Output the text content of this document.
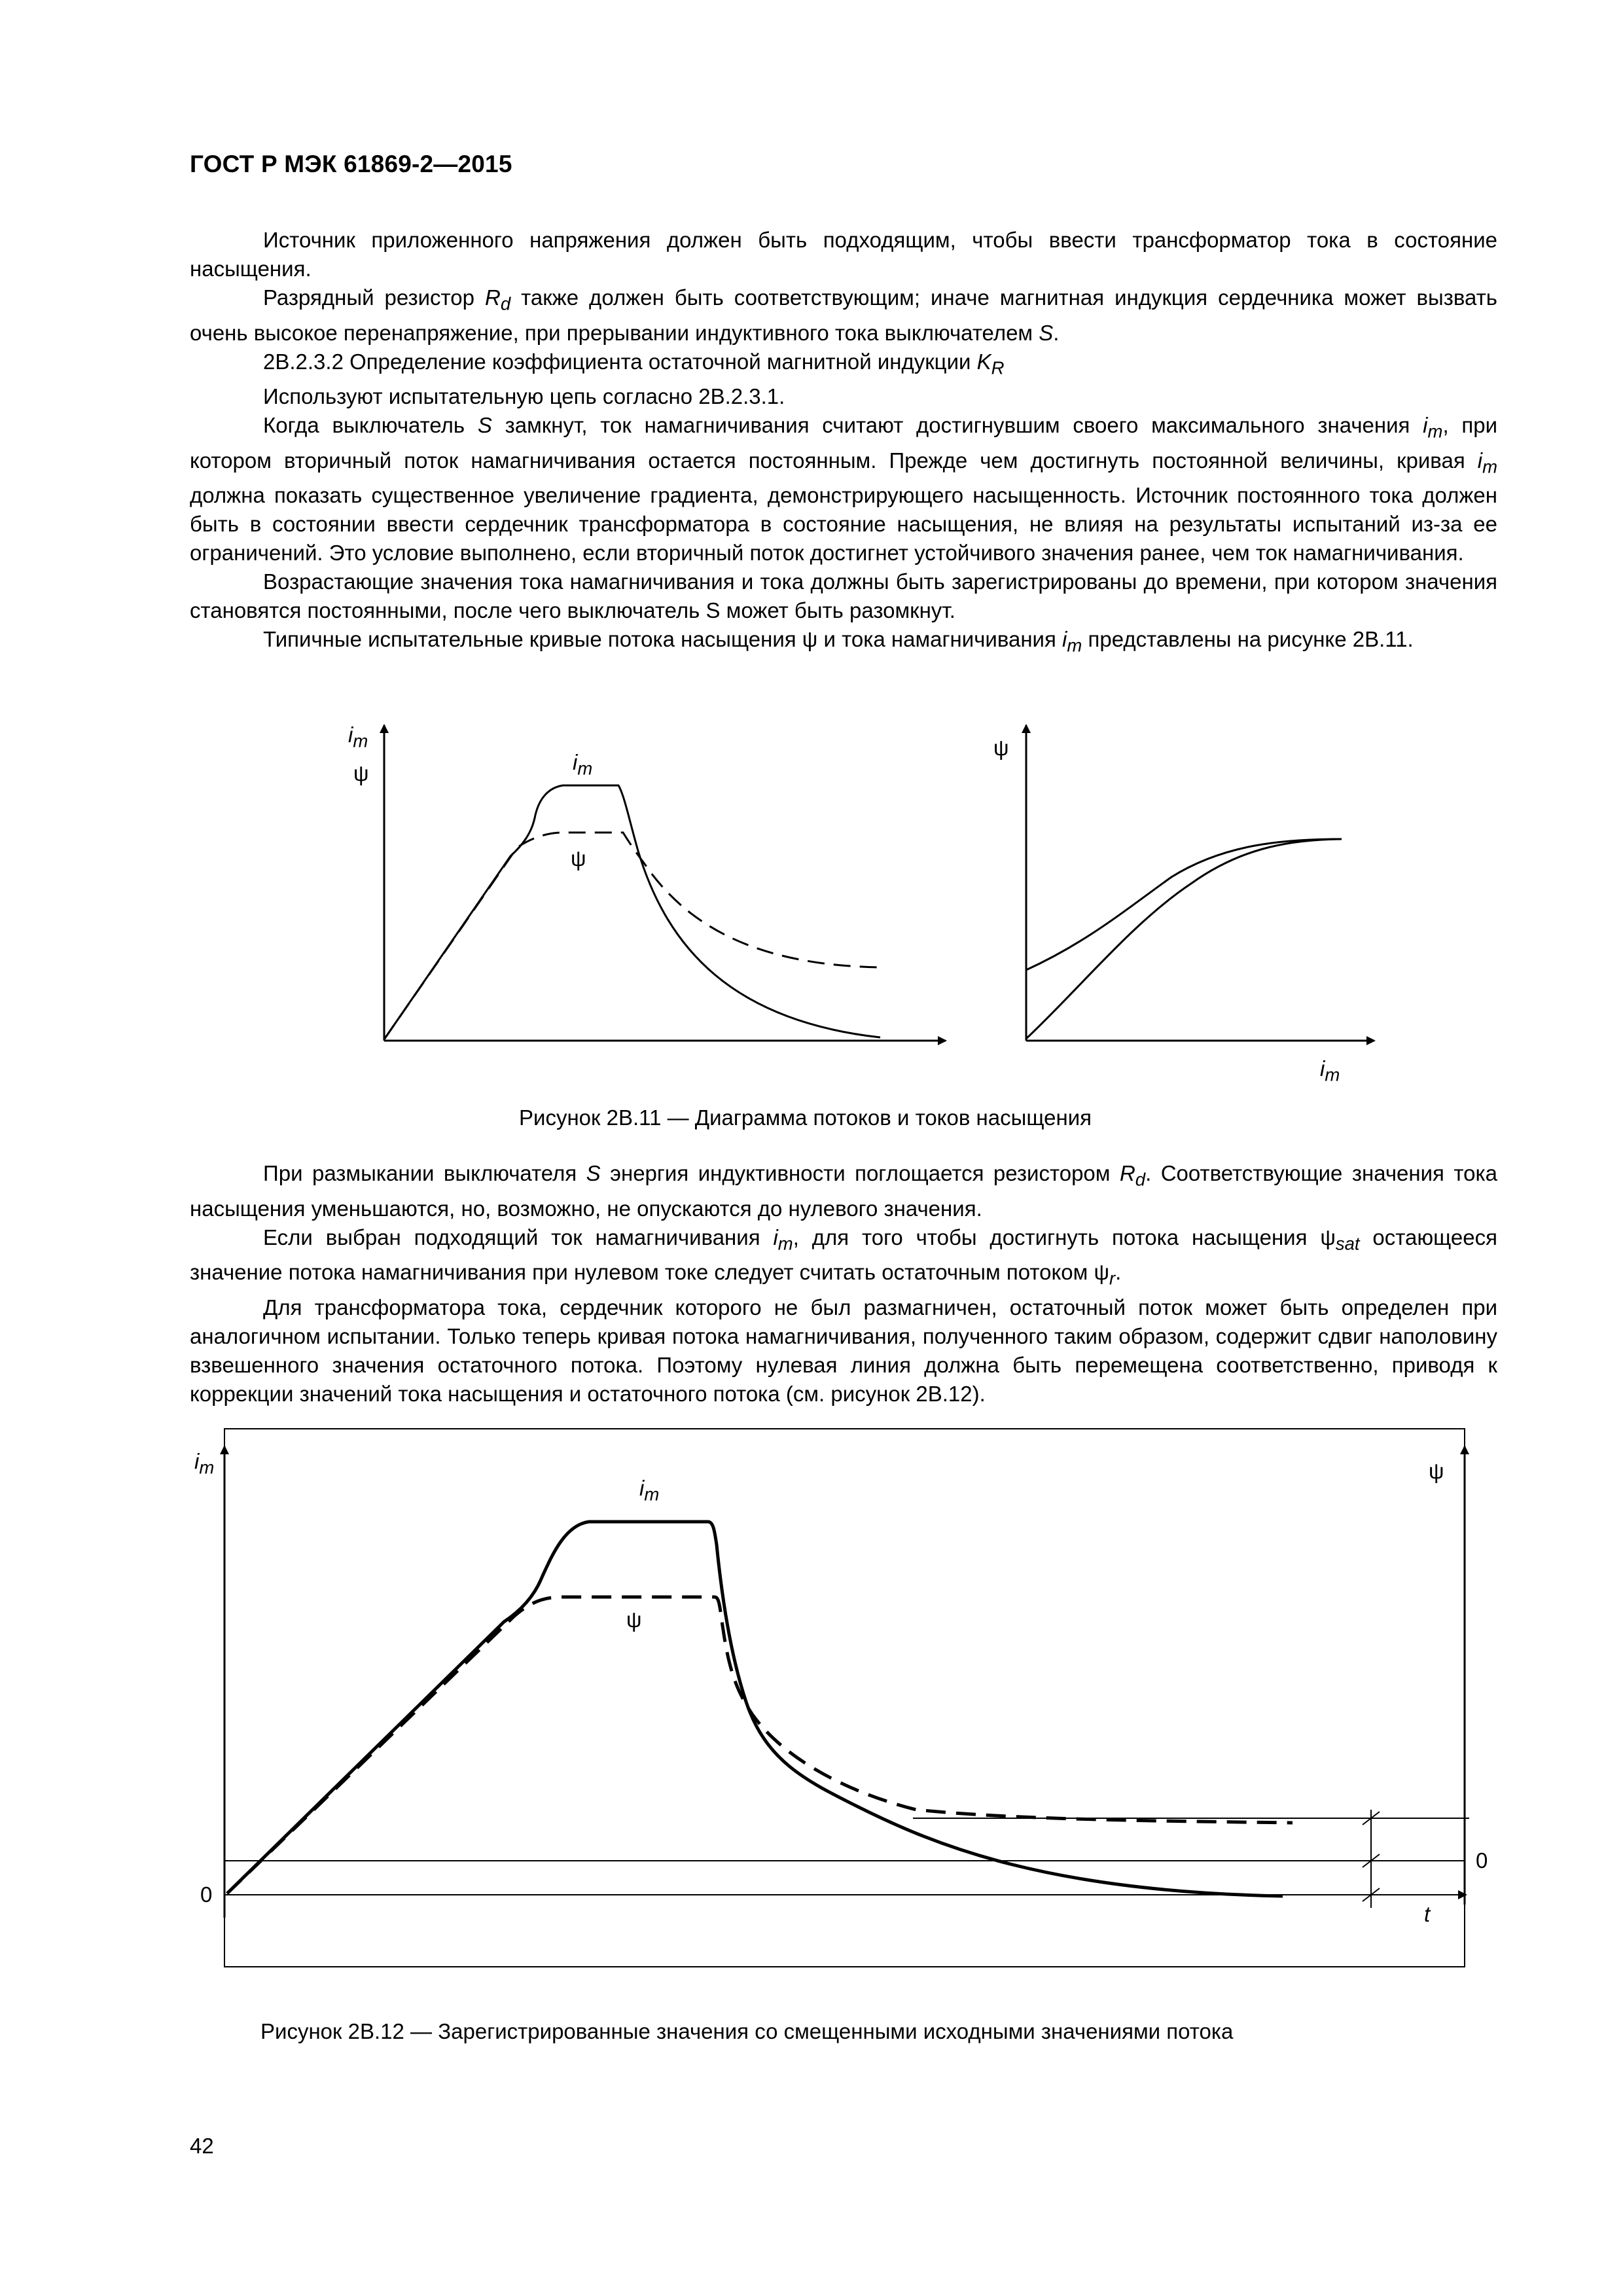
ГОСТ Р МЭК 61869-2—2015

Источник приложенного напряжения должен быть подходящим, чтобы ввести трансформатор тока в состояние насыщения.

Разрядный резистор $R_d$ также должен быть соответствующим; иначе магнитная индукция сердечника может вызвать очень высокое перенапряжение, при прерывании индуктивного тока выключателем S.

2В.2.3.2 Определение коэффициента остаточной магнитной индукции $K_R$

Используют испытательную цепь согласно 2В.2.3.1.

Когда выключатель S замкнут, ток намагничивания считают достигнувшим своего максимального значения $i_m$, при котором вторичный поток намагничивания остается постоянным. Прежде чем достигнуть постоянной величины, кривая $i_m$ должна показать существенное увеличение градиента, демонстрирующего насыщенность. Источник постоянного тока должен быть в состоянии ввести сердечник трансформатора в состояние насыщения, не влияя на результаты испытаний из-за ее ограничений. Это условие выполнено, если вторичный поток достигнет устойчивого значения ранее, чем ток намагничивания.

Возрастающие значения тока намагничивания и тока должны быть зарегистрированы до времени, при котором значения становятся постоянными, после чего выключатель S может быть разомкнут.

Типичные испытательные кривые потока насыщения ψ и тока намагничивания $i_m$ представлены на рисунке 2В.11.

$i_m$
ψ	$i_m$
ψ
ψ
$i_m$
Рисунок 2В.11 — Диаграмма потоков и токов насыщения

При размыкании выключателя S энергия индуктивности поглощается резистором $R_d$. Соответствующие значения тока насыщения уменьшаются, но, возможно, не опускаются до нулевого значения.

Если выбран подходящий ток намагничивания $i_m$, для того чтобы достигнуть потока насыщения $\psi_{sat}$ остающееся значение потока намагничивания при нулевом токе следует считать остаточным потоком $\psi_r$.

Для трансформатора тока, сердечник которого не был размагничен, остаточный поток может быть определен при аналогичном испытании. Только теперь кривая потока намагничивания, полученного таким образом, содержит сдвиг наполовину взвешенного значения остаточного потока. Поэтому нулевая линия должна быть перемещена соответственно, приводя к коррекции значений тока насыщения и остаточного потока (см. рисунок 2В.12).

$i_m$	ψ
$i_m$
ψ
0
0
t
Рисунок 2В.12 — Зарегистрированные значения со смещенными исходными значениями потока
42
